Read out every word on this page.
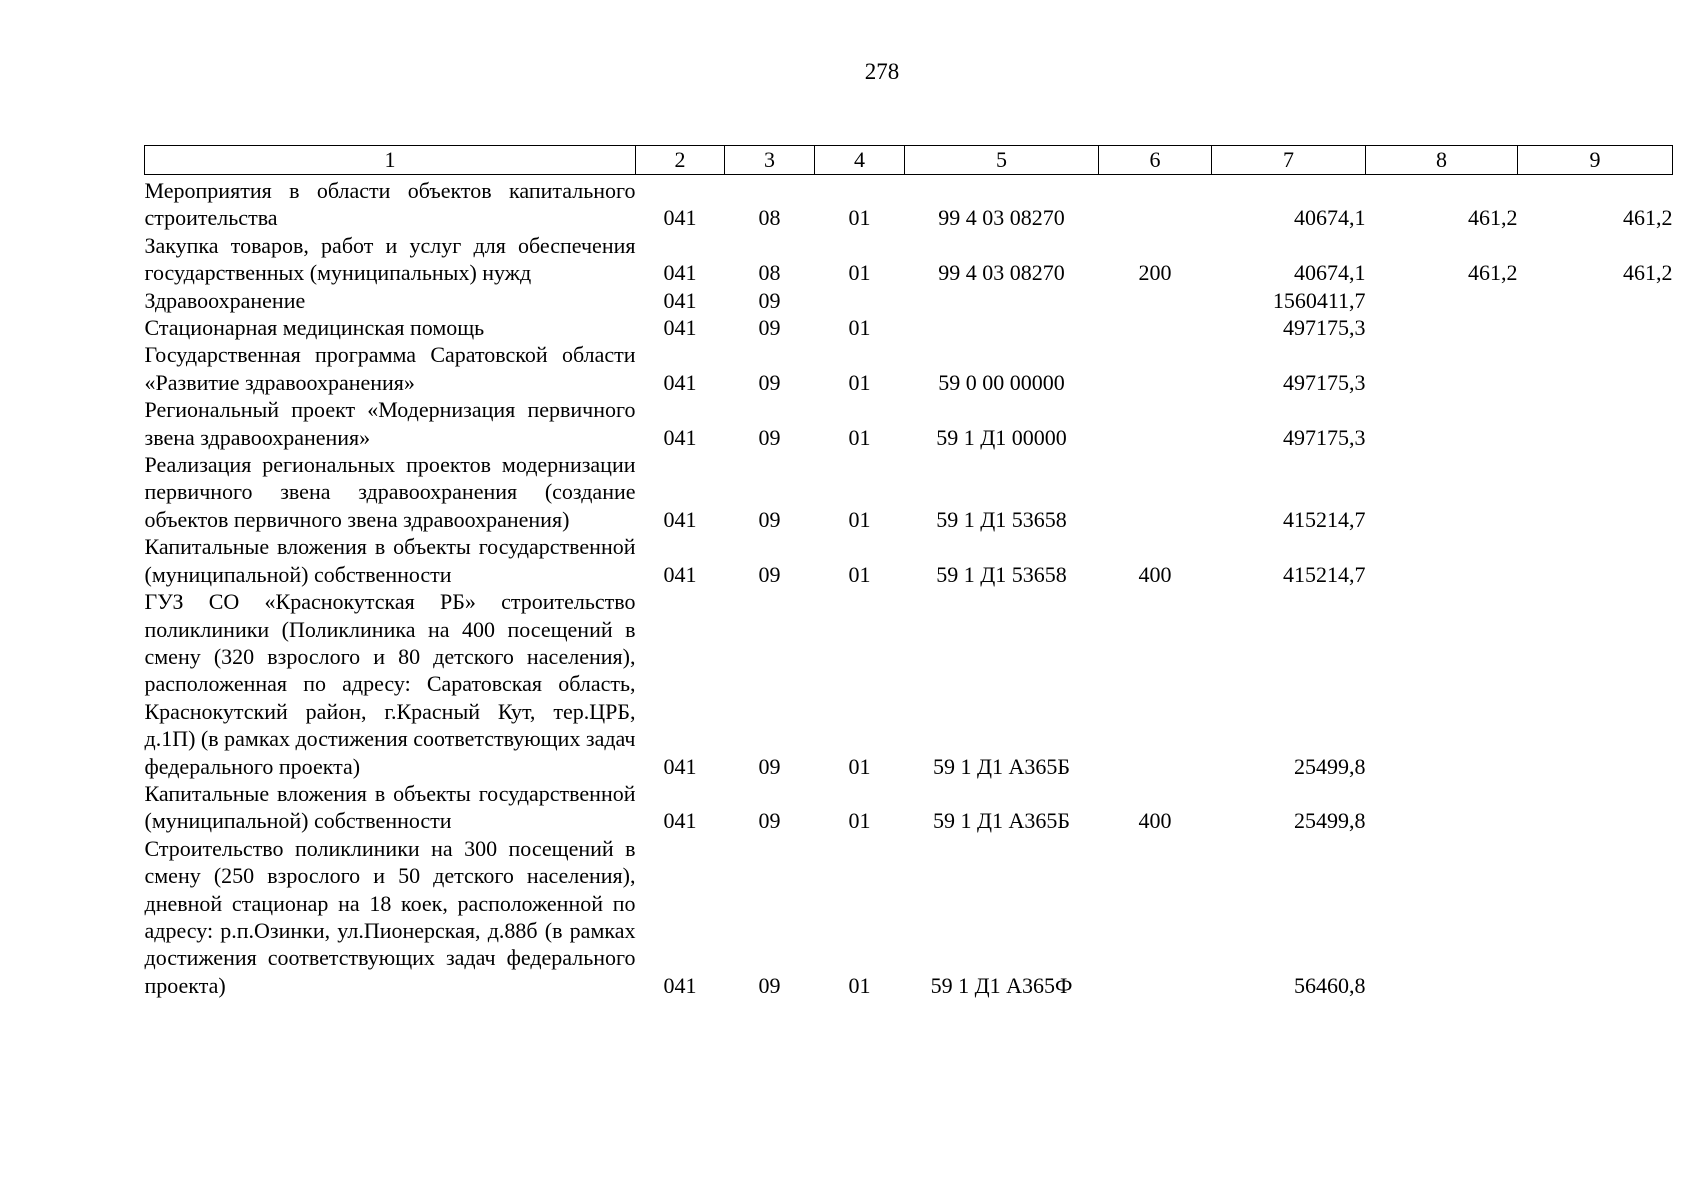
278
1	2	3	4	5	6	7	8	9
Мероприятия в области объектов капитального строительства	041	08	01	99 4 03 08270		40674,1	461,2	461,2
Закупка товаров, работ и услуг для обеспечения государственных (муниципальных) нужд	041	08	01	99 4 03 08270	200	40674,1	461,2	461,2
Здравоохранение	041	09				1560411,7		
Стационарная медицинская помощь	041	09	01			497175,3		
Государственная программа Саратовской области «Развитие здравоохранения»	041	09	01	59 0 00 00000		497175,3		
Региональный проект «Модернизация первичного звена здравоохранения»	041	09	01	59 1 Д1 00000		497175,3		
Реализация региональных проектов модернизации первичного звена здравоохранения (создание объектов первичного звена здравоохранения)	041	09	01	59 1 Д1 53658		415214,7		
Капитальные вложения в объекты государственной (муниципальной) собственности	041	09	01	59 1 Д1 53658	400	415214,7		
ГУЗ СО «Краснокутская РБ» строительство поликлиники (Поликлиника на 400 посещений в смену (320 взрослого и 80 детского населения), расположенная по адресу: Саратовская область, Краснокутский район, г.Красный Кут, тер.ЦРБ, д.1П) (в рамках достижения соответствующих задач федерального проекта)	041	09	01	59 1 Д1 А365Б		25499,8		
Капитальные вложения в объекты государственной (муниципальной) собственности	041	09	01	59 1 Д1 А365Б	400	25499,8		
Строительство поликлиники на 300 посещений в смену (250 взрослого и 50 детского населения), дневной стационар на 18 коек, расположенной по адресу: р.п.Озинки, ул.Пионерская, д.88б (в рамках достижения соответствующих задач федерального проекта)	041	09	01	59 1 Д1 А365Ф		56460,8		
